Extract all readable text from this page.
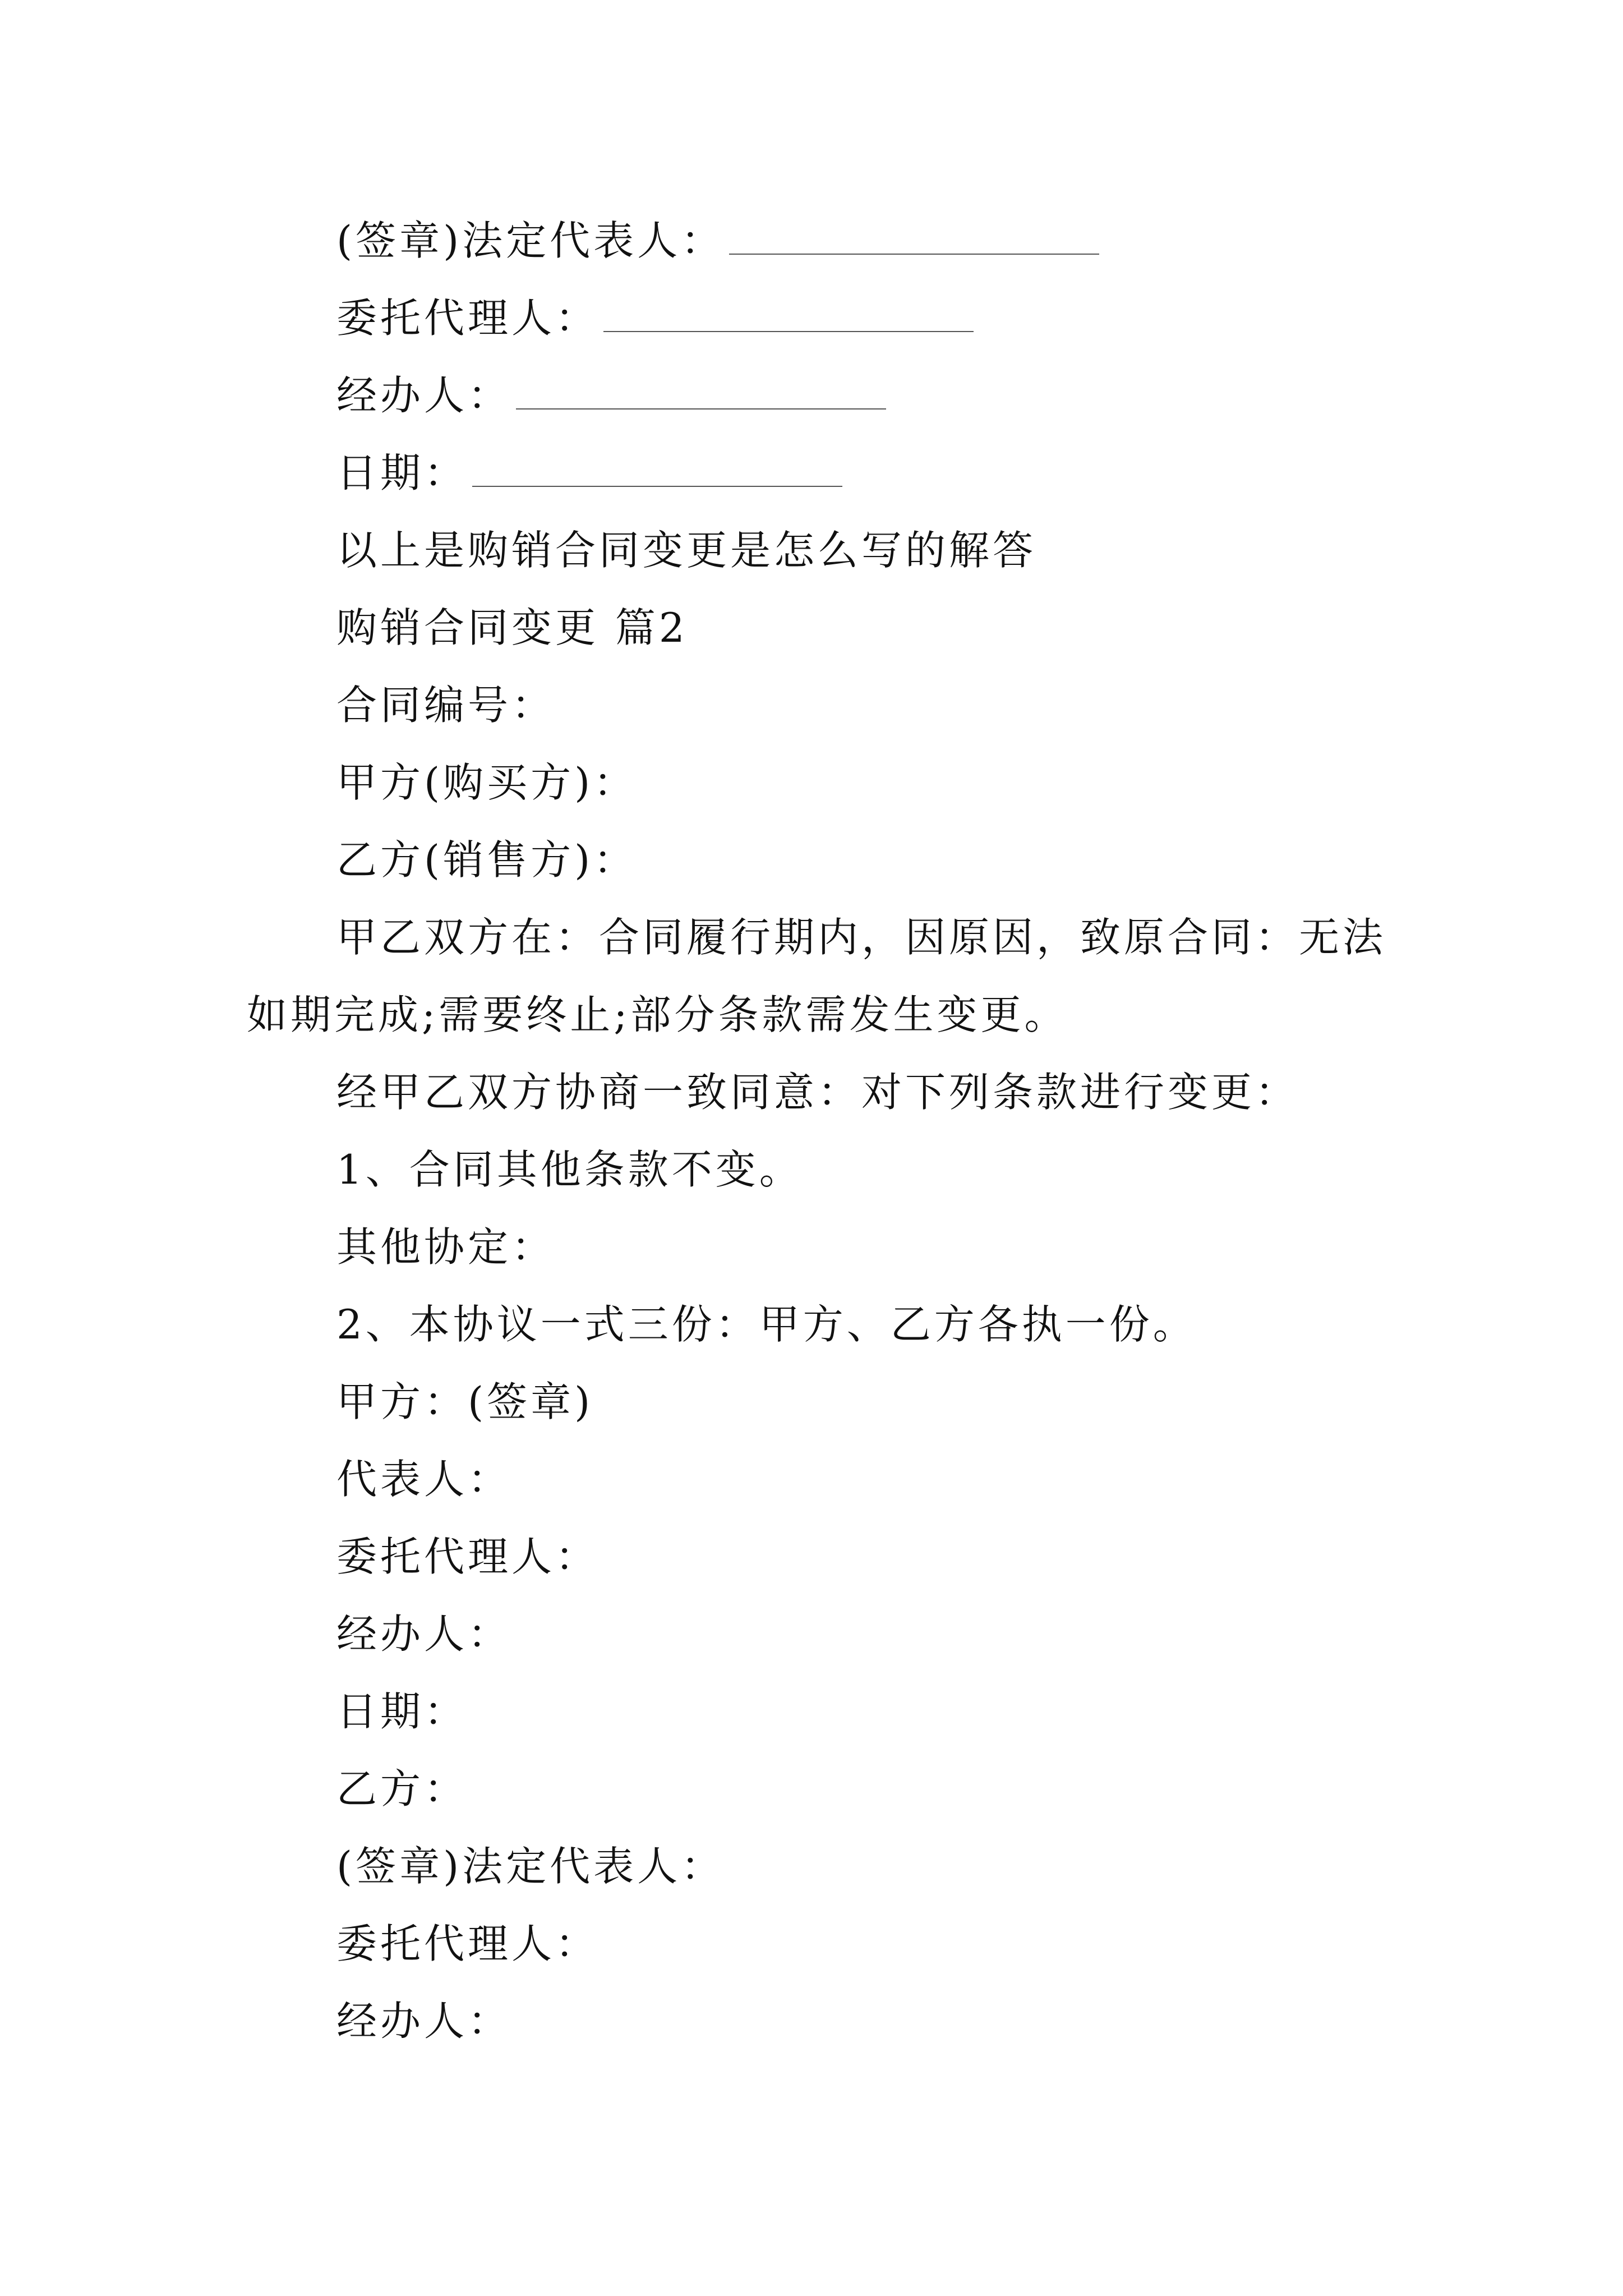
(签章)法定代表人：

委托代理人：

经办人：

日期：

以上是购销合同变更是怎么写的解答

购销合同变更 篇2

合同编号：

甲方(购买方)：

乙方(销售方)：

甲乙双方在：合同履行期内，因原因，致原合同：无法如期完成;需要终止;部分条款需发生变更。

经甲乙双方协商一致同意：对下列条款进行变更：

1、合同其他条款不变。

其他协定：

2、本协议一式三份：甲方、乙方各执一份。

甲方：(签章)

代表人：

委托代理人：

经办人：

日期：

乙方：

(签章)法定代表人：

委托代理人：

经办人：
